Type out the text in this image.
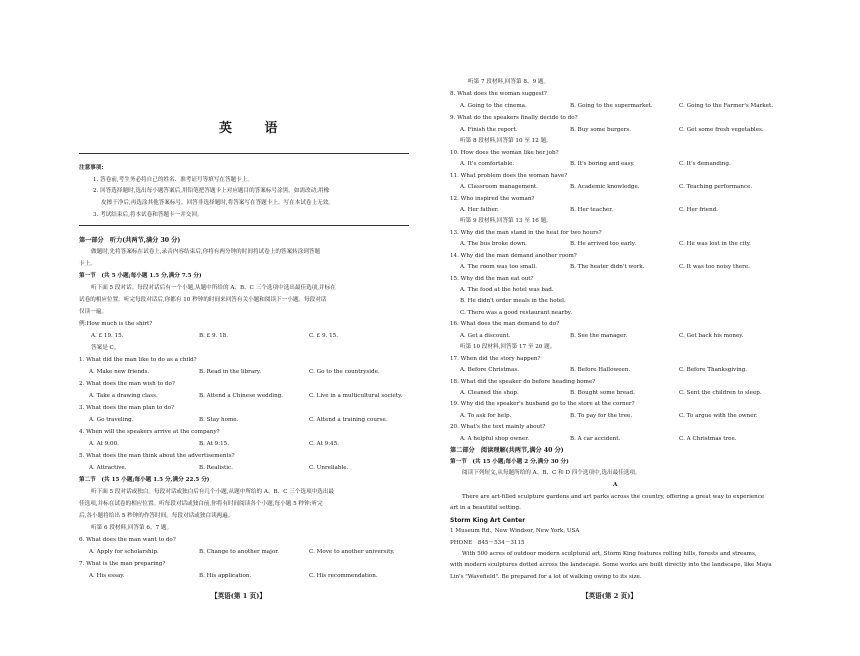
英 语
注意事项:
1. 答卷前,考生务必将自己的姓名、准考证号等填写在答题卡上。
2. 回答选择题时,选出每小题答案后,用铅笔把答题卡上对应题目的答案标号涂黑。如需改动,用橡
皮擦干净后,再选涂其他答案标号。回答非选择题时,将答案写在答题卡上。写在本试卷上无效。
3. 考试结束后,将本试卷和答题卡一并交回。
第一部分　听力(共两节,满分 30 分)
做题时,先将答案标在试卷上,录音内容结束后,你将有两分钟的时间将试卷上的答案转涂到答题
卡上。
第一节　(共 5 小题;每小题 1.5 分,满分 7.5 分)
听下面 5 段对话。每段对话后有一个小题,从题中所给的 A、B、C 三个选项中选出最佳选项,并标在
试卷的相应位置。听完每段对话后,你都有 10 秒钟的时间来回答有关小题和阅读下一小题。每段对话
仅读一遍。
例:How much is the shirt?
A. £ 19. 15.	B. £ 9. 18.	C. £ 9. 15.
答案是 C。
1. What did the man like to do as a child?
A. Make new friends.	B. Read in the library.	C. Go to the countryside.
2. What does the man wish to do?
A. Take a drawing class.	B. Attend a Chinese wedding.	C. Live in a multicultural society.
3. What does the man plan to do?
A. Go traveling.	B. Stay home.	C. Attend a training course.
4. When will the speakers arrive at the company?
A. At 9:00.	B. At 9:15.	C. At 9:45.
5. What does the man think about the advertisements?
A. Attractive.	B. Realistic.	C. Unreliable.
第二节　(共 15 小题;每小题 1.5 分,满分 22.5 分)
听下面 5 段对话或独白。每段对话或独白后有几个小题,从题中所给的 A、B、C 三个选项中选出最
佳选项,并标在试卷的相应位置。听每段对话或独白前,你将有时间阅读各个小题,每小题 5 秒钟;听完
后,各小题将给出 5 秒钟的作答时间。每段对话或独白读两遍。
听第 6 段材料,回答第 6、7 题。
6. What does the man want to do?
A. Apply for scholarship.	B. Change to another major.	C. Move to another university.
7. What is the man preparing?
A. His essay.	B. His application.	C. His recommendation.
【英语(第 1 页)】
听第 7 段材料,回答第 8、9 题。
8. What does the woman suggest?
A. Going to the cinema.	B. Going to the supermarket.	C. Going to the Farmer's Market.
9. What do the speakers finally decide to do?
A. Finish the report.	B. Buy some burgers.	C. Get some fresh vegetables.
听第 8 段材料,回答第 10 至 12 题。
10. How does the woman like her job?
A. It's comfortable.	B. It's boring and easy.	C. It's demanding.
11. What problem does the woman have?
A. Classroom management.	B. Academic knowledge.	C. Teaching performance.
12. Who inspired the woman?
A. Her father.	B. Her teacher.	C. Her friend.
听第 9 段材料,回答第 13 至 16 题。
13. Why did the man stand in the heat for two hours?
A. The bus broke down.	B. He arrived too early.	C. He was lost in the city.
14. Why did the man demand another room?
A. The room was too small.	B. The heater didn't work.	C. It was too noisy there.
15. Why did the man eat out?
A. The food at the hotel was bad.
B. He didn't order meals in the hotel.
C. There was a good restaurant nearby.
16. What does the man demand to do?
A. Get a discount.	B. See the manager.	C. Get back his money.
听第 10 段材料,回答第 17 至 20 题。
17. When did the story happen?
A. Before Christmas.	B. Before Halloween.	C. Before Thanksgiving.
18. What did the speaker do before heading home?
A. Cleaned the shop.	B. Bought some bread.	C. Sent the children to sleep.
19. Why did the speaker's husband go to the store at the corner?
A. To ask for help.	B. To pay for the tree.	C. To argue with the owner.
20. What's the text mainly about?
A. A helpful shop owner.	B. A car accident.	C. A Christmas tree.
第二部分　阅读理解(共两节,满分 40 分)
第一节　(共 15 小题;每小题 2 分,满分 30 分)
阅读下列短文,从每题所给的 A、B、C 和 D 四个选项中,选出最佳选项。
A
There are art-filled sculpture gardens and art parks across the country, offering a great way to experience
art in a beautiful setting.
Storm King Art Center
1 Museum Rd., New Windsor, New York, USA
PHONE　845－534－3115
With 500 acres of outdoor modern sculptural art, Storm King features rolling hills, forests and streams,
with modern sculptures dotted across the landscape. Some works are built directly into the landscape, like Maya
Lin's "Wavefield". Be prepared for a lot of walking owing to its size.
【英语(第 2 页)】
